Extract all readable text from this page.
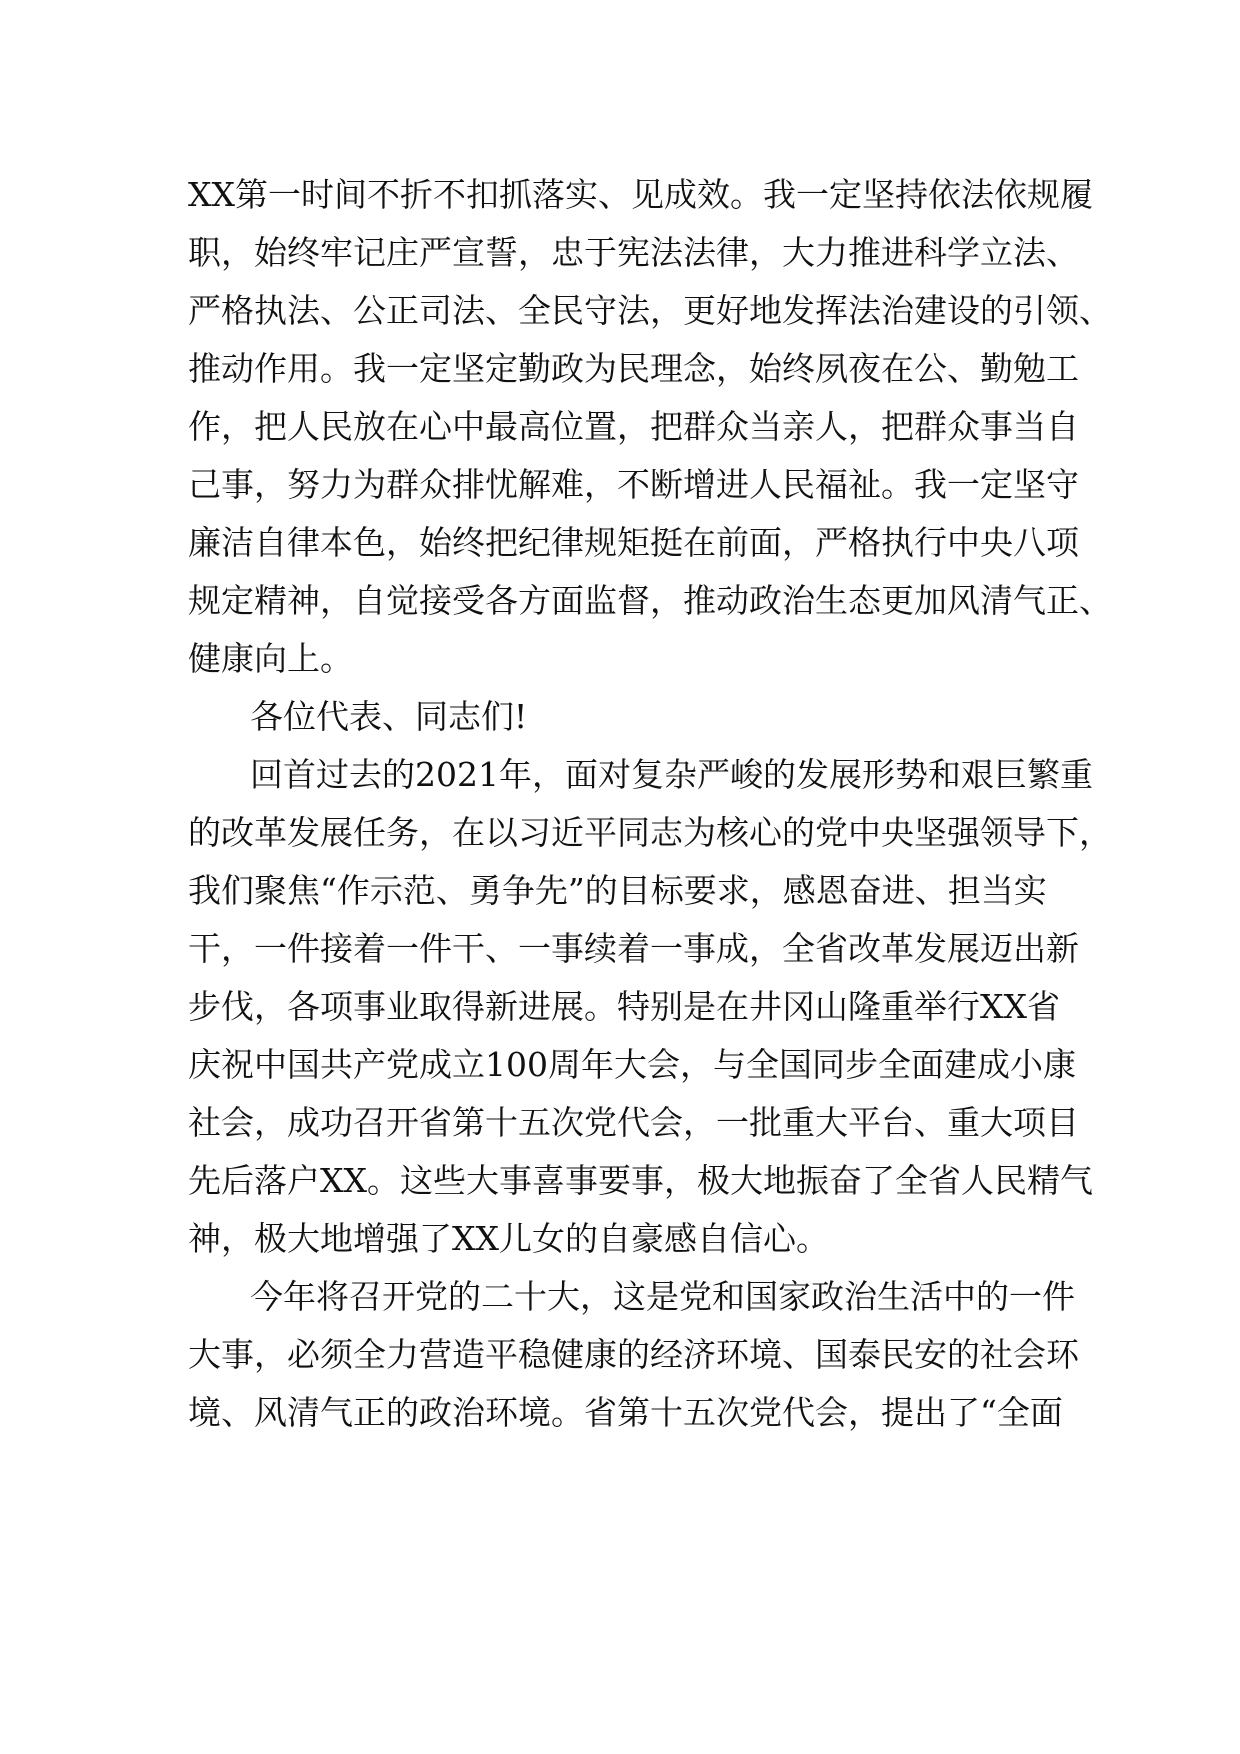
XX第一时间不折不扣抓落实、见成效。我一定坚持依法依规履
职，始终牢记庄严宣誓，忠于宪法法律，大力推进科学立法、
严格执法、公正司法、全民守法，更好地发挥法治建设的引领、
推动作用。我一定坚定勤政为民理念，始终夙夜在公、勤勉工
作，把人民放在心中最高位置，把群众当亲人，把群众事当自
己事，努力为群众排忧解难，不断增进人民福祉。我一定坚守
廉洁自律本色，始终把纪律规矩挺在前面，严格执行中央八项
规定精神，自觉接受各方面监督，推动政治生态更加风清气正、
健康向上。
各位代表、同志们!
回首过去的2021年，面对复杂严峻的发展形势和艰巨繁重
的改革发展任务，在以习近平同志为核心的党中央坚强领导下，
我们聚焦“作示范、勇争先”的目标要求，感恩奋进、担当实
干，一件接着一件干、一事续着一事成，全省改革发展迈出新
步伐，各项事业取得新进展。特别是在井冈山隆重举行XX省
庆祝中国共产党成立100周年大会，与全国同步全面建成小康
社会，成功召开省第十五次党代会，一批重大平台、重大项目
先后落户XX。这些大事喜事要事，极大地振奋了全省人民精气
神，极大地增强了XX儿女的自豪感自信心。
今年将召开党的二十大，这是党和国家政治生活中的一件
大事，必须全力营造平稳健康的经济环境、国泰民安的社会环
境、风清气正的政治环境。省第十五次党代会，提出了“全面
